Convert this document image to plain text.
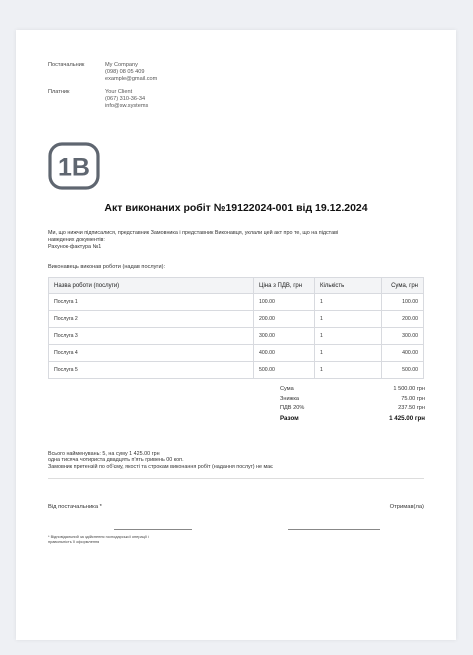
Постачальник	My Company
(098) 08 05 409
example@gmail.com
Платник	Your Client
(067) 310-36-34
info@sw.systems
1B
Акт виконаних робіт №19122024-001 від 19.12.2024

Ми, що нижчи підписалися, представник Замовника і представник Виконавця, уклали цей акт про те, що на підставі

наведених документів:

Рахунок-фактура №1

Виконавець виконав роботи (надав послуги):
Назва роботи (послуги)	Ціна з ПДВ, грн	Кількість	Сума, грн
Послуга 1	100.00	1	100.00
Послуга 2	200.00	1	200.00
Послуга 3	300.00	1	300.00
Послуга 4	400.00	1	400.00
Послуга 5	500.00	1	500.00
Сума	1 500.00 грн
Знижка	75.00 грн
ПДВ 20%	237.50 грн
Разом	1 425.00 грн

Всього найменувань: 5, на суму 1 425.00 грн

одна тисяча чотириста двадцять п'ять гривень 00 коп.

Замовник претензій по об'єму, якості та строкам виконання робіт (надання послуг) не має

Від постачальника *	Отримав(ла)
* Відповідальний за здійснення господарської операції і
правильність її оформлення
